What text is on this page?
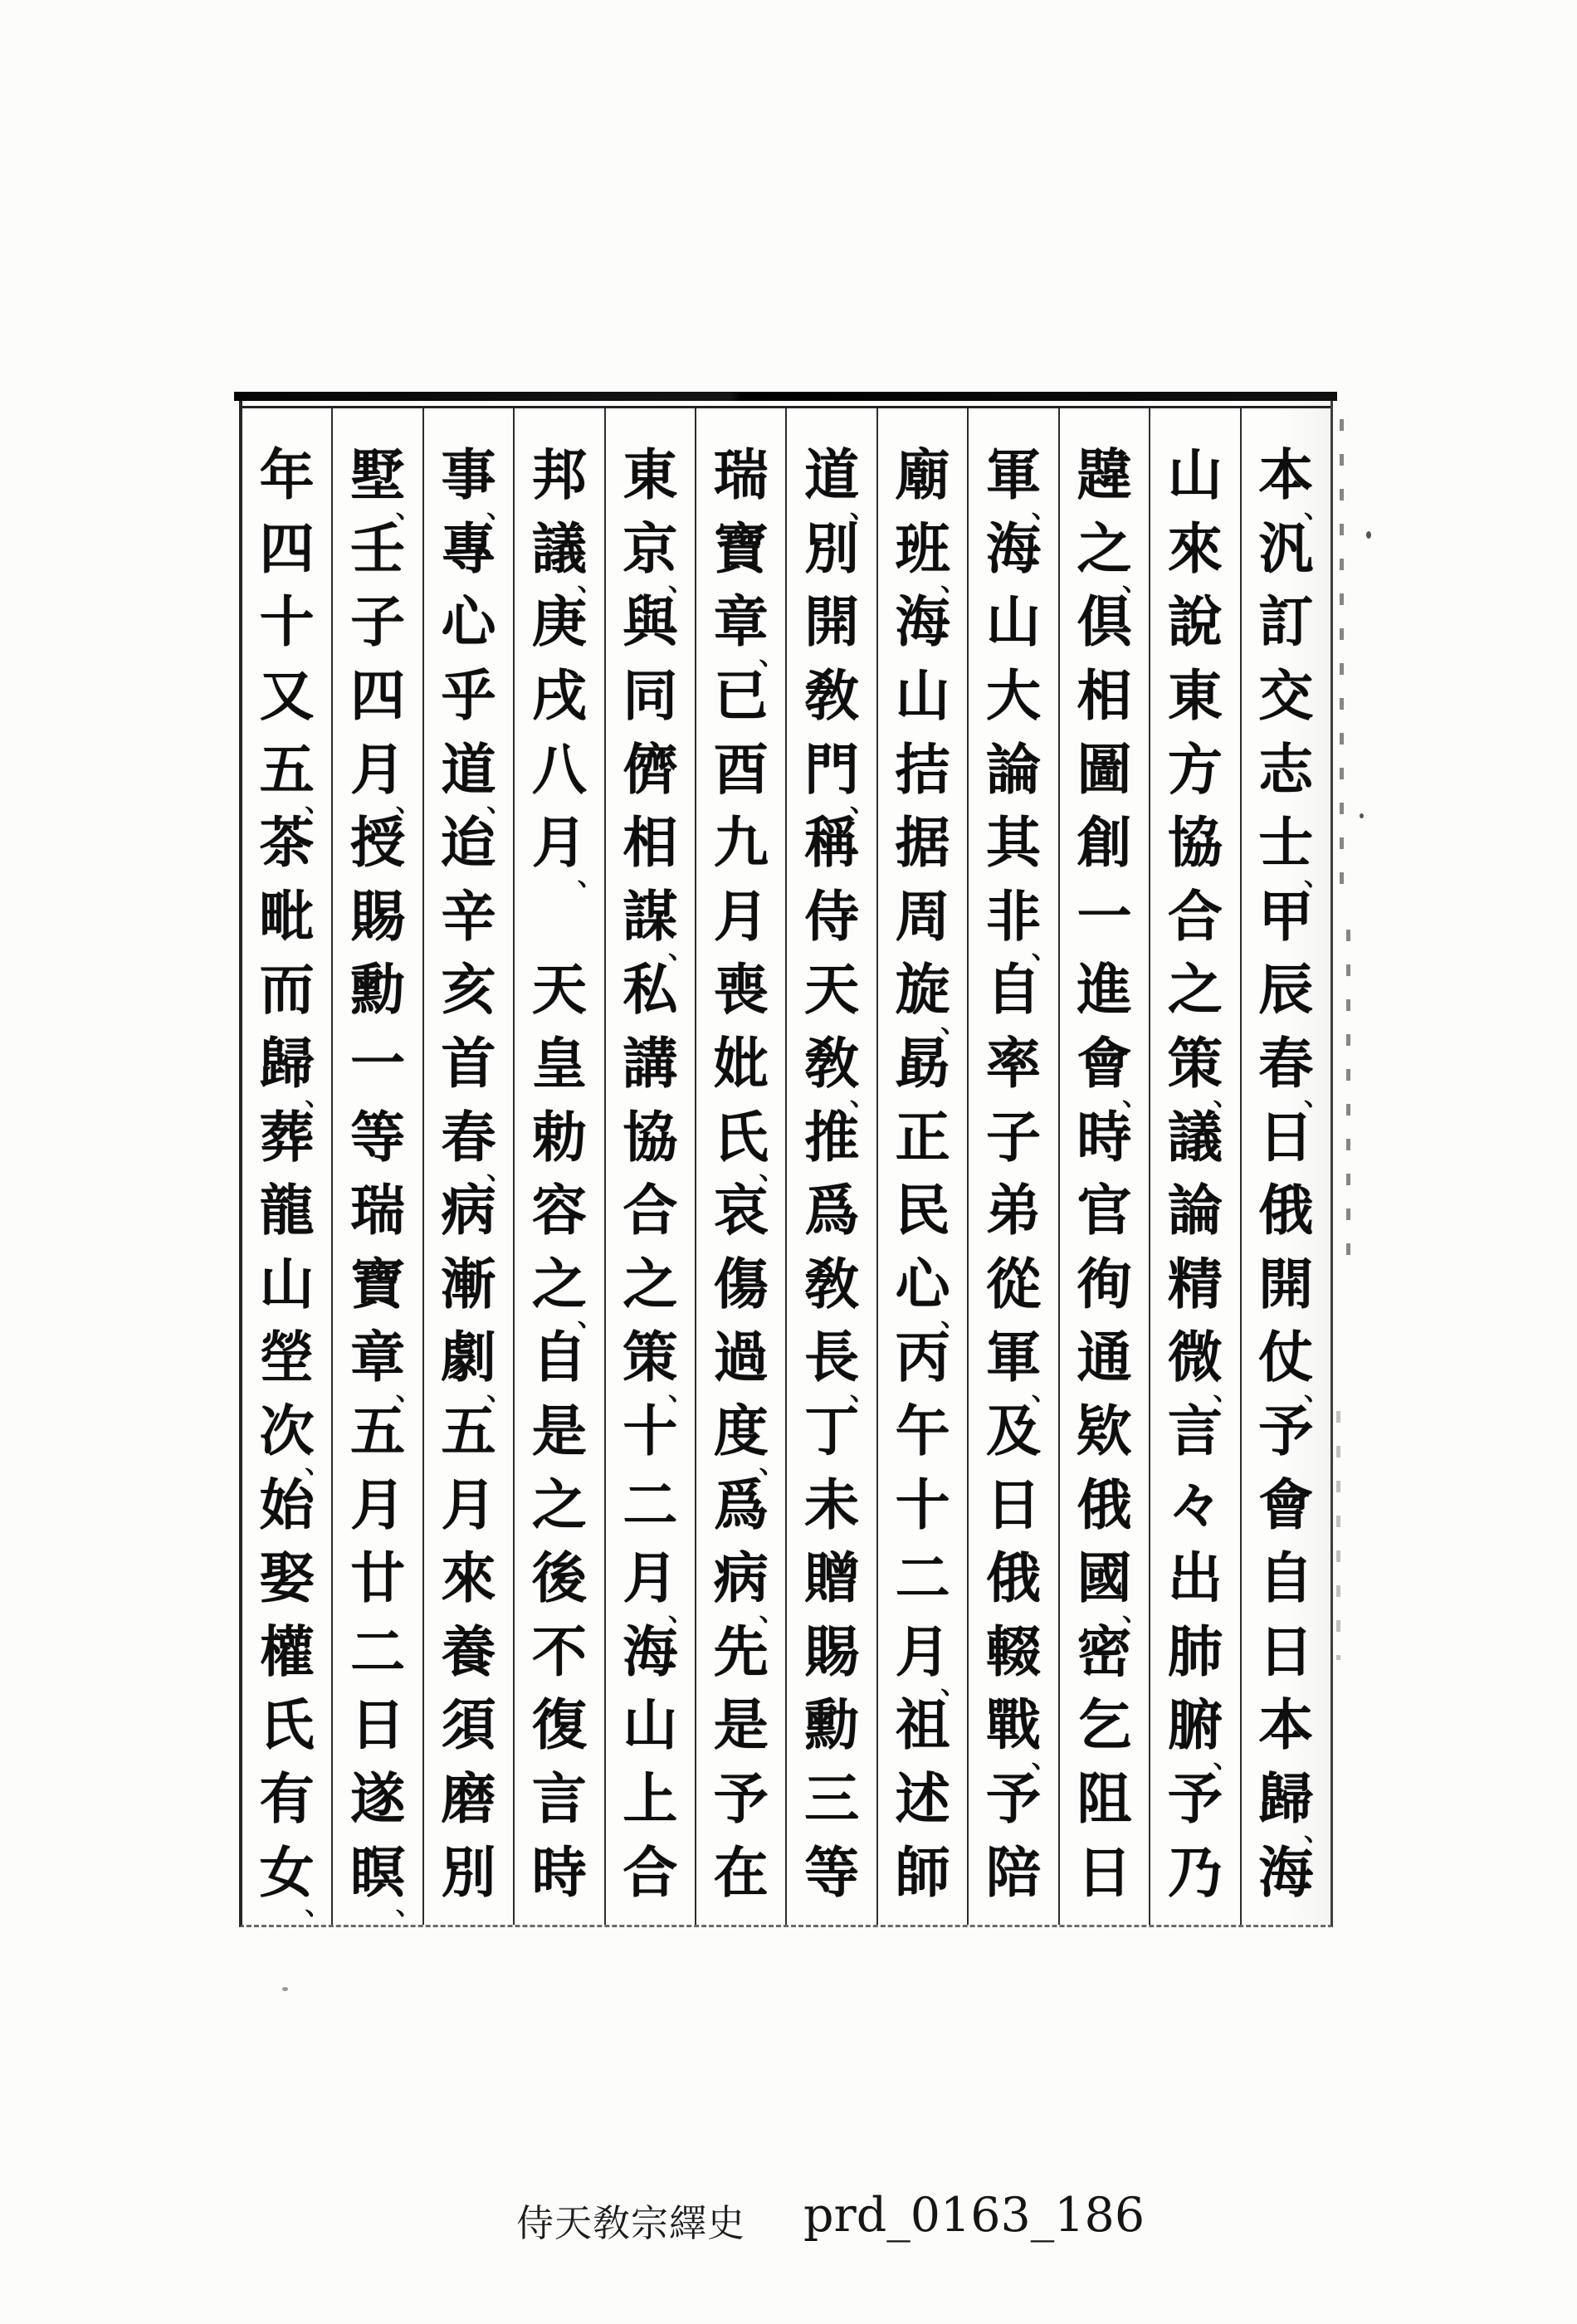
本
、
汎
訂
交
志
士
、
甲
辰
春
、
日
俄
開
仗
、
予
會
自
日
本
歸
、
海
山
來
說
東
方
協
合
之
策
、
議
論
精
微
、
言
々
出
肺
腑
、
予
乃
韙
之
、
倶
相
圖
創
一
進
會
、
時
官
徇
通
欵
俄
國
、
密
乞
阻
日
軍
、
海
山
大
論
其
非
、
自
率
子
弟
從
軍
、
及
日
俄
輟
戰
、
予
陪
廟
班
、
海
山
拮
据
周
旋
、
勗
正
民
心
、
丙
午
十
二
月
、
祖
述
師
道
、
別
開
敎
門
、
稱
侍
天
敎
、
推
爲
敎
長
、
丁
未
贈
賜
勳
三
等
瑞
寶
章
、
已
酉
九
月
喪
妣
氏
、
哀
傷
過
度
、
爲
病
、
先
是
予
在
東
京
、
與
同
儕
相
謀
、
私
講
協
合
之
策
、
十
二
月
、
海
山
上
合
邦
議
、
庚
戌
八
月
、
天
皇
勅
容
之
、
自
是
之
後
不
復
言
時
事
、
專
心
乎
道
、
迨
辛
亥
首
春
、
病
漸
劇
、
五
月
來
養
須
磨
別
墅
、
壬
子
四
月
、
授
賜
勳
一
等
瑞
寶
章
、
五
月
廿
二
日
遂
瞑
、
年
四
十
又
五
、
茶
毗
而
歸
、
葬
龍
山
塋
次
、
始
娶
權
氏
有
女
、
侍天敎宗繹史 prd_0163_186
